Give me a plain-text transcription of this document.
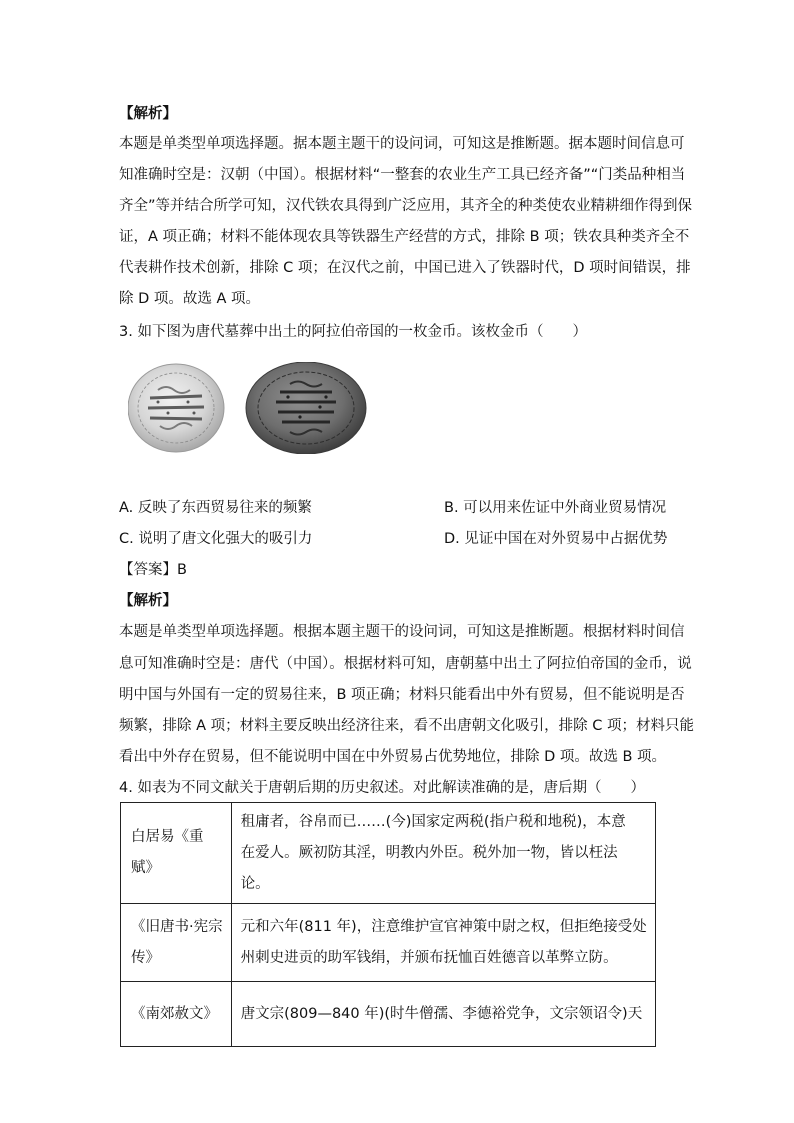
【解析】
本题是单类型单项选择题。据本题主题干的设问词，可知这是推断题。据本题时间信息可
知准确时空是：汉朝（中国）。根据材料“一整套的农业生产工具已经齐备”“门类品种相当
齐全”等并结合所学可知，汉代铁农具得到广泛应用，其齐全的种类使农业精耕细作得到保
证，A 项正确；材料不能体现农具等铁器生产经营的方式，排除 B 项；铁农具种类齐全不
代表耕作技术创新，排除 C 项；在汉代之前，中国已进入了铁器时代，D 项时间错误，排
除 D 项。故选 A 项。
3. 如下图为唐代墓葬中出土的阿拉伯帝国的一枚金币。该枚金币（　　）
A. 反映了东西贸易往来的频繁	B. 可以用来佐证中外商业贸易情况
C. 说明了唐文化强大的吸引力	D. 见证中国在对外贸易中占据优势
【答案】B
【解析】
本题是单类型单项选择题。根据本题主题干的设问词，可知这是推断题。根据材料时间信
息可知准确时空是：唐代（中国）。根据材料可知，唐朝墓中出土了阿拉伯帝国的金币，说
明中国与外国有一定的贸易往来，B 项正确；材料只能看出中外有贸易，但不能说明是否
频繁，排除 A 项；材料主要反映出经济往来，看不出唐朝文化吸引，排除 C 项；材料只能
看出中外存在贸易，但不能说明中国在中外贸易占优势地位，排除 D 项。故选 B 项。
4. 如表为不同文献关于唐朝后期的历史叙述。对此解读准确的是，唐后期（　　）
白居易《重
赋》	租庸者，谷帛而已……(今)国家定两税(指户税和地税)，本意
在爱人。厥初防其淫，明教内外臣。税外加一物，皆以枉法
论。

《旧唐书·宪宗
传》	元和六年(811 年)，注意维护宣官神策中尉之权，但拒绝接受处
州刺史进贡的助军钱绢，并颁布抚恤百姓德音以革弊立防。

《南郊赦文》	唐文宗(809—840 年)(时牛僧孺、李德裕党争，文宗领诏令)天
